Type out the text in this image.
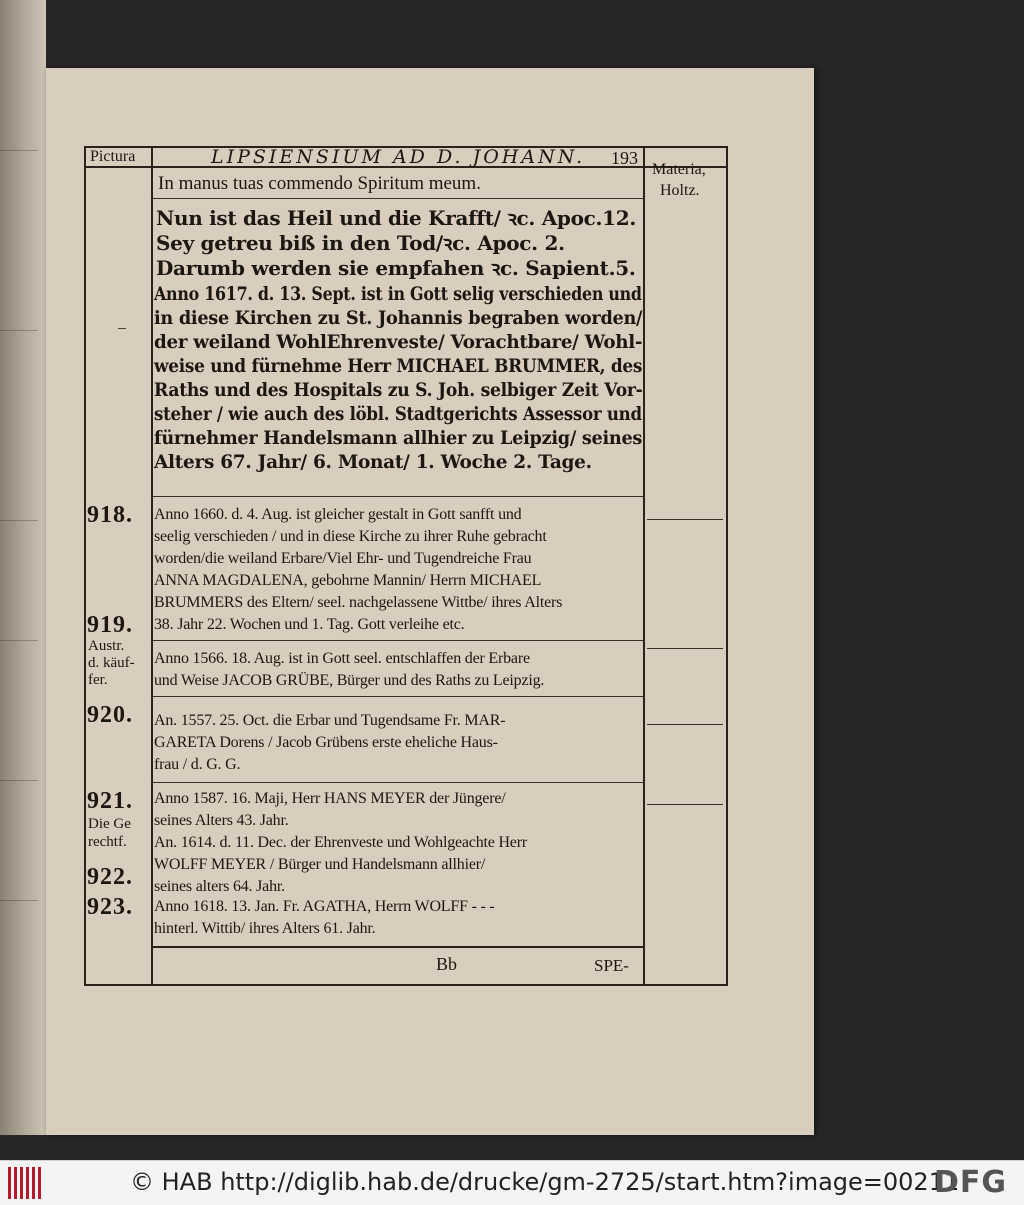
Pictura	LIPSIENSIUM AD D. JOHANN. 193
Materia,
Holtz.
In manus tuas commendo Spiritum meum.
Nun ist das Heil und die Krafft/ ꝛc. Apoc.12.
Sey getreu biß in den Tod/ꝛc. Apoc. 2.
Darumb werden sie empfahen ꝛc. Sapient.5.
Anno 1617. d. 13. Sept. ist in Gott selig verschieden und
in diese Kirchen zu St. Johannis begraben worden/
der weiland WohlEhrenveste/ Vorachtbare/ Wohl-
weise und fürnehme Herr MICHAEL BRUMMER, des
Raths und des Hospitals zu S. Joh. selbiger Zeit Vor-
steher / wie auch des löbl. Stadtgerichts Assessor und
fürnehmer Handelsmann allhier zu Leipzig/ seines
Alters 67. Jahr/ 6. Monat/ 1. Woche 2. Tage.
918. Anno 1660. d. 4. Aug. ist gleicher gestalt in Gott sanfft und
seelig verschieden / und in diese Kirche zu ihrer Ruhe gebracht
worden/die weiland Erbare/Viel Ehr- und Tugendreiche Frau
ANNA MAGDALENA, gebohrne Mannin/ Herrn MICHAEL
BRUMMERS des Eltern/ seel. nachgelassene Wittbe/ ihres Alters
38. Jahr 22. Wochen und 1. Tag. Gott verleihe etc.
919.
Austr.
d. käuf-
fer.
Anno 1566. 18. Aug. ist in Gott seel. entschlaffen der Erbare
und Weise JACOB GRÜBE, Bürger und des Raths zu Leipzig.
920. An. 1557. 25. Oct. die Erbar und Tugendsame Fr. MAR-
GARETA Dorens / Jacob Grübens erste eheliche Haus-
frau / d. G. G.
921.
Die Ge
rechtf.
Anno 1587. 16. Maji, Herr HANS MEYER der Jüngere/
seines Alters 43. Jahr.
An. 1614. d. 11. Dec. der Ehrenveste und Wohlgeachte Herr
WOLFF MEYER / Bürger und Handelsmann allhier/
seines alters 64. Jahr.
922.
923. Anno 1618. 13. Jan. Fr. AGATHA, Herrn WOLFF - - -
hinterl. Wittib/ ihres Alters 61. Jahr.
Bb	SPE-
© HAB http://diglib.hab.de/drucke/gm-2725/start.htm?image=00211
DFG
